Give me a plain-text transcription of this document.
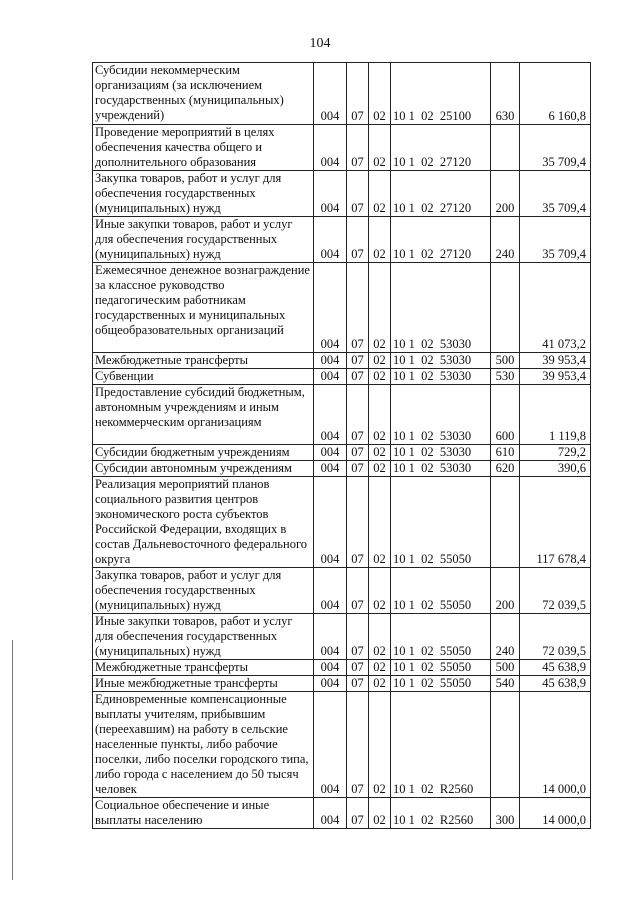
104
Субсидии некоммерческим организациям (за исключением государственных (муниципальных) учреждений)	004	07	02	10 1  02  25100	630	6 160,8
Проведение мероприятий в целях обеспечения качества общего и дополнительного образования	004	07	02	10 1  02  27120		35 709,4
Закупка товаров, работ и услуг для обеспечения государственных (муниципальных) нужд	004	07	02	10 1  02  27120	200	35 709,4
Иные закупки товаров, работ и услуг для обеспечения государственных (муниципальных) нужд	004	07	02	10 1  02  27120	240	35 709,4
Ежемесячное денежное вознаграждение за классное руководство педагогическим работникам государственных и муниципальных общеобразовательных организаций	004	07	02	10 1  02  53030		41 073,2
Межбюджетные трансферты	004	07	02	10 1  02  53030	500	39 953,4
Субвенции	004	07	02	10 1  02  53030	530	39 953,4
Предоставление субсидий бюджетным, автономным учреждениям и иным некоммерческим организациям	004	07	02	10 1  02  53030	600	1 119,8
Субсидии бюджетным учреждениям	004	07	02	10 1  02  53030	610	729,2
Субсидии автономным учреждениям	004	07	02	10 1  02  53030	620	390,6
Реализация мероприятий планов социального развития центров экономического роста субъектов Российской Федерации, входящих в состав Дальневосточного федерального округа	004	07	02	10 1  02  55050		117 678,4
Закупка товаров, работ и услуг для обеспечения государственных (муниципальных) нужд	004	07	02	10 1  02  55050	200	72 039,5
Иные закупки товаров, работ и услуг для обеспечения государственных (муниципальных) нужд	004	07	02	10 1  02  55050	240	72 039,5
Межбюджетные трансферты	004	07	02	10 1  02  55050	500	45 638,9
Иные межбюджетные трансферты	004	07	02	10 1  02  55050	540	45 638,9
Единовременные компенсационные выплаты учителям, прибывшим (переехавшим) на работу в сельские населенные пункты, либо рабочие поселки, либо поселки городского типа, либо города с населением до 50 тысяч человек	004	07	02	10 1  02  R2560		14 000,0
Социальное обеспечение и иные выплаты населению	004	07	02	10 1  02  R2560	300	14 000,0
